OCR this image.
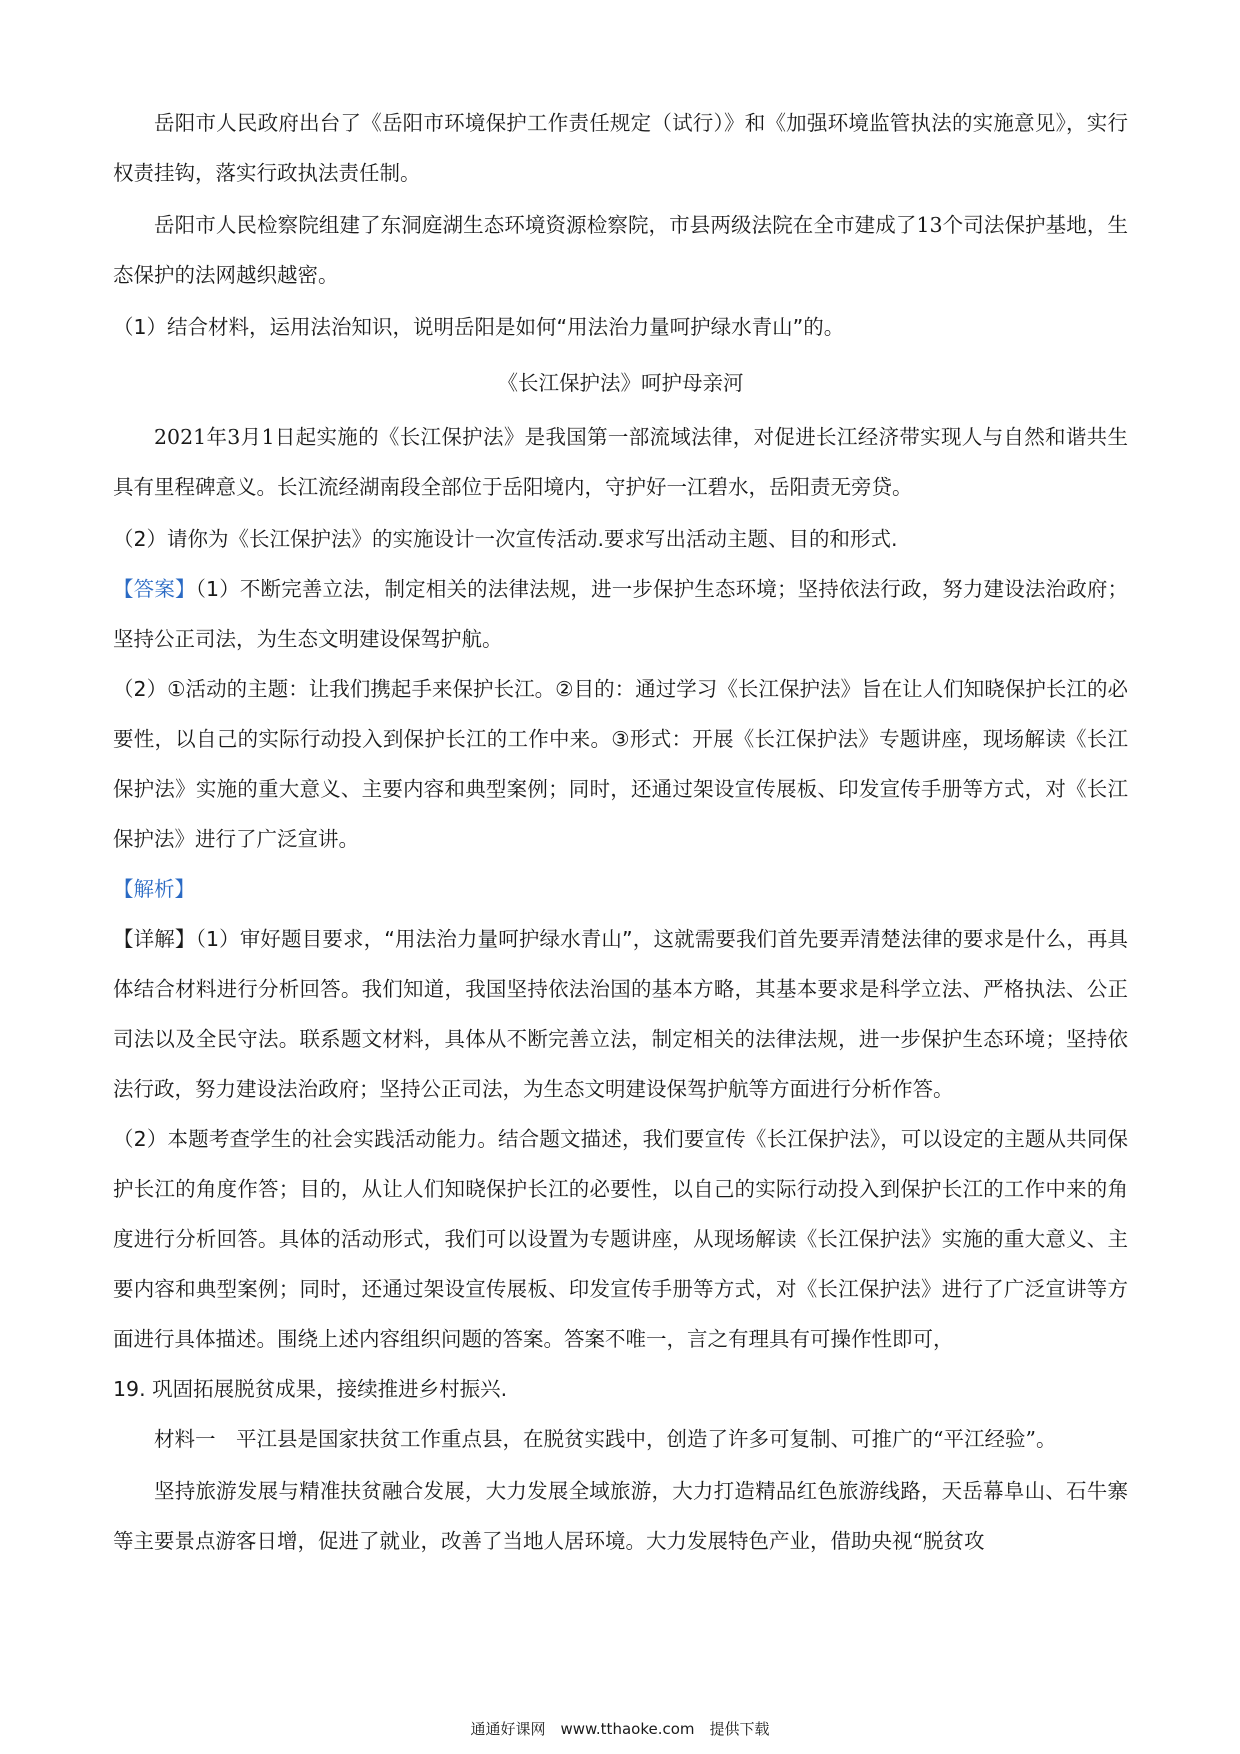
岳阳市人民政府出台了《岳阳市环境保护工作责任规定（试行）》和《加强环境监管执法的实施意见》，实行权责挂钩，落实行政执法责任制。

岳阳市人民检察院组建了东洞庭湖生态环境资源检察院，市县两级法院在全市建成了13个司法保护基地，生态保护的法网越织越密。

（1）结合材料，运用法治知识，说明岳阳是如何“用法治力量呵护绿水青山”的。

《长江保护法》呵护母亲河

2021年3月1日起实施的《长江保护法》是我国第一部流域法律，对促进长江经济带实现人与自然和谐共生具有里程碑意义。长江流经湖南段全部位于岳阳境内，守护好一江碧水，岳阳责无旁贷。

（2）请你为《长江保护法》的实施设计一次宣传活动.要求写出活动主题、目的和形式.

【答案】（1）不断完善立法，制定相关的法律法规，进一步保护生态环境；坚持依法行政，努力建设法治政府；坚持公正司法，为生态文明建设保驾护航。

（2）①活动的主题：让我们携起手来保护长江。②目的：通过学习《长江保护法》旨在让人们知晓保护长江的必要性，以自己的实际行动投入到保护长江的工作中来。③形式：开展《长江保护法》专题讲座，现场解读《长江保护法》实施的重大意义、主要内容和典型案例；同时，还通过架设宣传展板、印发宣传手册等方式，对《长江保护法》进行了广泛宣讲。

【解析】

【详解】（1）审好题目要求，“用法治力量呵护绿水青山”，这就需要我们首先要弄清楚法律的要求是什么，再具体结合材料进行分析回答。我们知道，我国坚持依法治国的基本方略，其基本要求是科学立法、严格执法、公正司法以及全民守法。联系题文材料，具体从不断完善立法，制定相关的法律法规，进一步保护生态环境；坚持依法行政，努力建设法治政府；坚持公正司法，为生态文明建设保驾护航等方面进行分析作答。

（2）本题考查学生的社会实践活动能力。结合题文描述，我们要宣传《长江保护法》，可以设定的主题从共同保护长江的角度作答；目的，从让人们知晓保护长江的必要性，以自己的实际行动投入到保护长江的工作中来的角度进行分析回答。具体的活动形式，我们可以设置为专题讲座，从现场解读《长江保护法》实施的重大意义、主要内容和典型案例；同时，还通过架设宣传展板、印发宣传手册等方式，对《长江保护法》进行了广泛宣讲等方面进行具体描述。围绕上述内容组织问题的答案。答案不唯一，言之有理具有可操作性即可，

19. 巩固拓展脱贫成果，接续推进乡村振兴.

材料一　平江县是国家扶贫工作重点县，在脱贫实践中，创造了许多可复制、可推广的“平江经验”。

坚持旅游发展与精准扶贫融合发展，大力发展全域旅游，大力打造精品红色旅游线路，天岳幕阜山、石牛寨等主要景点游客日增，促进了就业，改善了当地人居环境。大力发展特色产业，借助央视“脱贫攻

通通好课网　www.tthaoke.com　提供下载
